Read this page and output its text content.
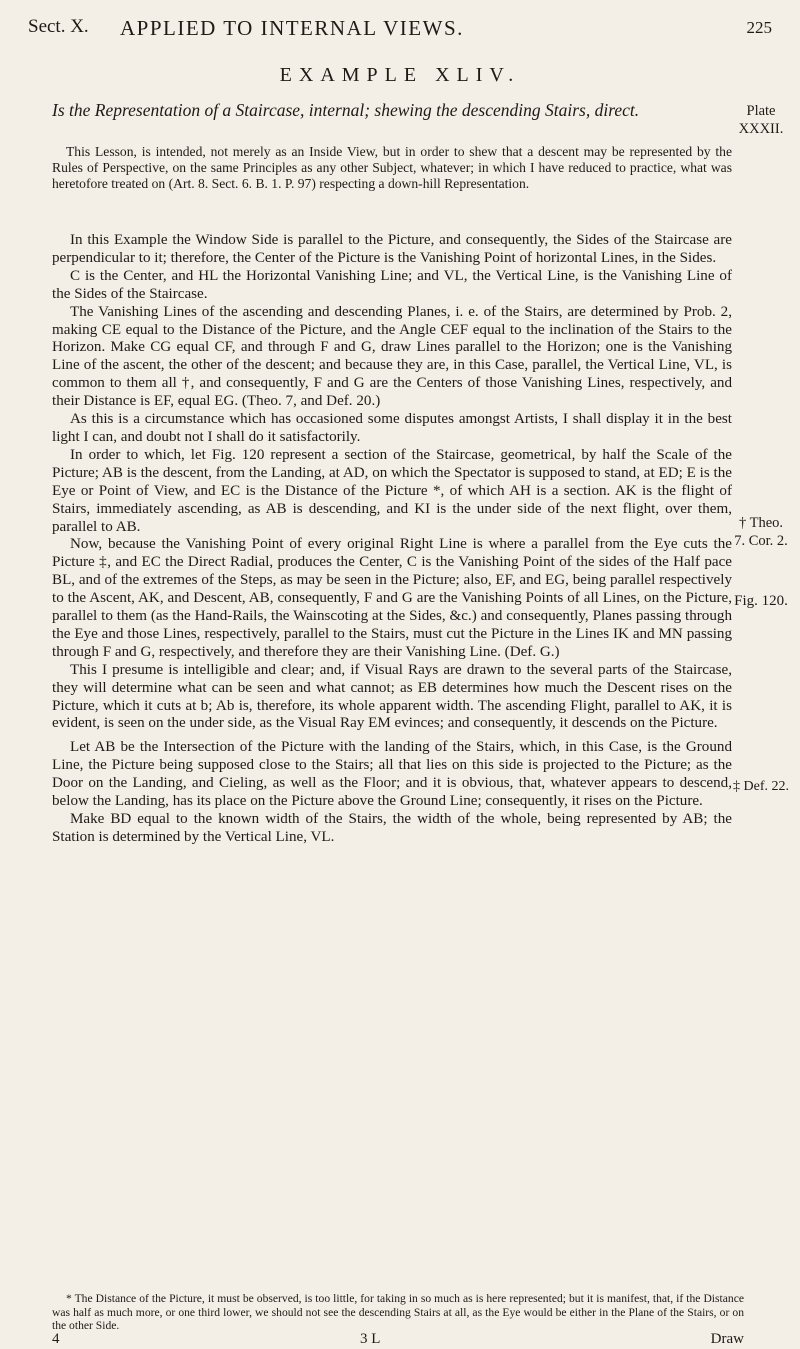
Sect. X. APPLIED TO INTERNAL VIEWS.	225
EXAMPLE XLIV.
Is the Representation of a Staircase, internal; shewing the descending Stairs, direct.	Plate XXXII.
† Theo. 7. Cor. 2.
Fig. 120.
‡ Def. 22.
This Lesson, is intended, not merely as an Inside View, but in order to shew that a descent may be represented by the Rules of Perspective, on the same Principles as any other Subject, whatever; in which I have reduced to practice, what was heretofore treated on (Art. 8. Sect. 6. B. 1. P. 97) respecting a down-hill Representation.

In this Example the Window Side is parallel to the Picture, and consequently, the Sides of the Staircase are perpendicular to it; therefore, the Center of the Picture is the Vanishing Point of horizontal Lines, in the Sides.

C is the Center, and HL the Horizontal Vanishing Line; and VL, the Vertical Line, is the Vanishing Line of the Sides of the Staircase.

The Vanishing Lines of the ascending and descending Planes, i. e. of the Stairs, are determined by Prob. 2, making CE equal to the Distance of the Picture, and the Angle CEF equal to the inclination of the Stairs to the Horizon. Make CG equal CF, and through F and G, draw Lines parallel to the Horizon; one is the Vanishing Line of the ascent, the other of the descent; and because they are, in this Case, parallel, the Vertical Line, VL, is common to them all †, and consequently, F and G are the Centers of those Vanishing Lines, respectively, and their Distance is EF, equal EG. (Theo. 7, and Def. 20.)

As this is a circumstance which has occasioned some disputes amongst Artists, I shall display it in the best light I can, and doubt not I shall do it satisfactorily.

In order to which, let Fig. 120 represent a section of the Staircase, geometrical, by half the Scale of the Picture; AB is the descent, from the Landing, at AD, on which the Spectator is supposed to stand, at ED; E is the Eye or Point of View, and EC is the Distance of the Picture *, of which AH is a section. AK is the flight of Stairs, immediately ascending, as AB is descending, and KI is the under side of the next flight, over them, parallel to AB.

Now, because the Vanishing Point of every original Right Line is where a parallel from the Eye cuts the Picture ‡, and EC the Direct Radial, produces the Center, C is the Vanishing Point of the sides of the Half pace BL, and of the extremes of the Steps, as may be seen in the Picture; also, EF, and EG, being parallel respectively to the Ascent, AK, and Descent, AB, consequently, F and G are the Vanishing Points of all Lines, on the Picture, parallel to them (as the Hand-Rails, the Wainscoting at the Sides, &c.) and consequently, Planes passing through the Eye and those Lines, respectively, parallel to the Stairs, must cut the Picture in the Lines IK and MN passing through F and G, respectively, and therefore they are their Vanishing Line. (Def. G.)

This I presume is intelligible and clear; and, if Visual Rays are drawn to the several parts of the Staircase, they will determine what can be seen and what cannot; as EB determines how much the Descent rises on the Picture, which it cuts at b; Ab is, therefore, its whole apparent width. The ascending Flight, parallel to AK, it is evident, is seen on the under side, as the Visual Ray EM evinces; and consequently, it descends on the Picture.

Let AB be the Intersection of the Picture with the landing of the Stairs, which, in this Case, is the Ground Line, the Picture being supposed close to the Stairs; all that lies on this side is projected to the Picture; as the Door on the Landing, and Cieling, as well as the Floor; and it is obvious, that, whatever appears to descend, below the Landing, has its place on the Picture above the Ground Line; consequently, it rises on the Picture.

Make BD equal to the known width of the Stairs, the width of the whole, being represented by AB; the Station is determined by the Vertical Line, VL.

* The Distance of the Picture, it must be observed, is too little, for taking in so much as is here represented; but it is manifest, that, if the Distance was half as much more, or one third lower, we should not see the descending Stairs at all, as the Eye would be either in the Plane of the Stairs, or on the other Side.
4	3 L	Draw
